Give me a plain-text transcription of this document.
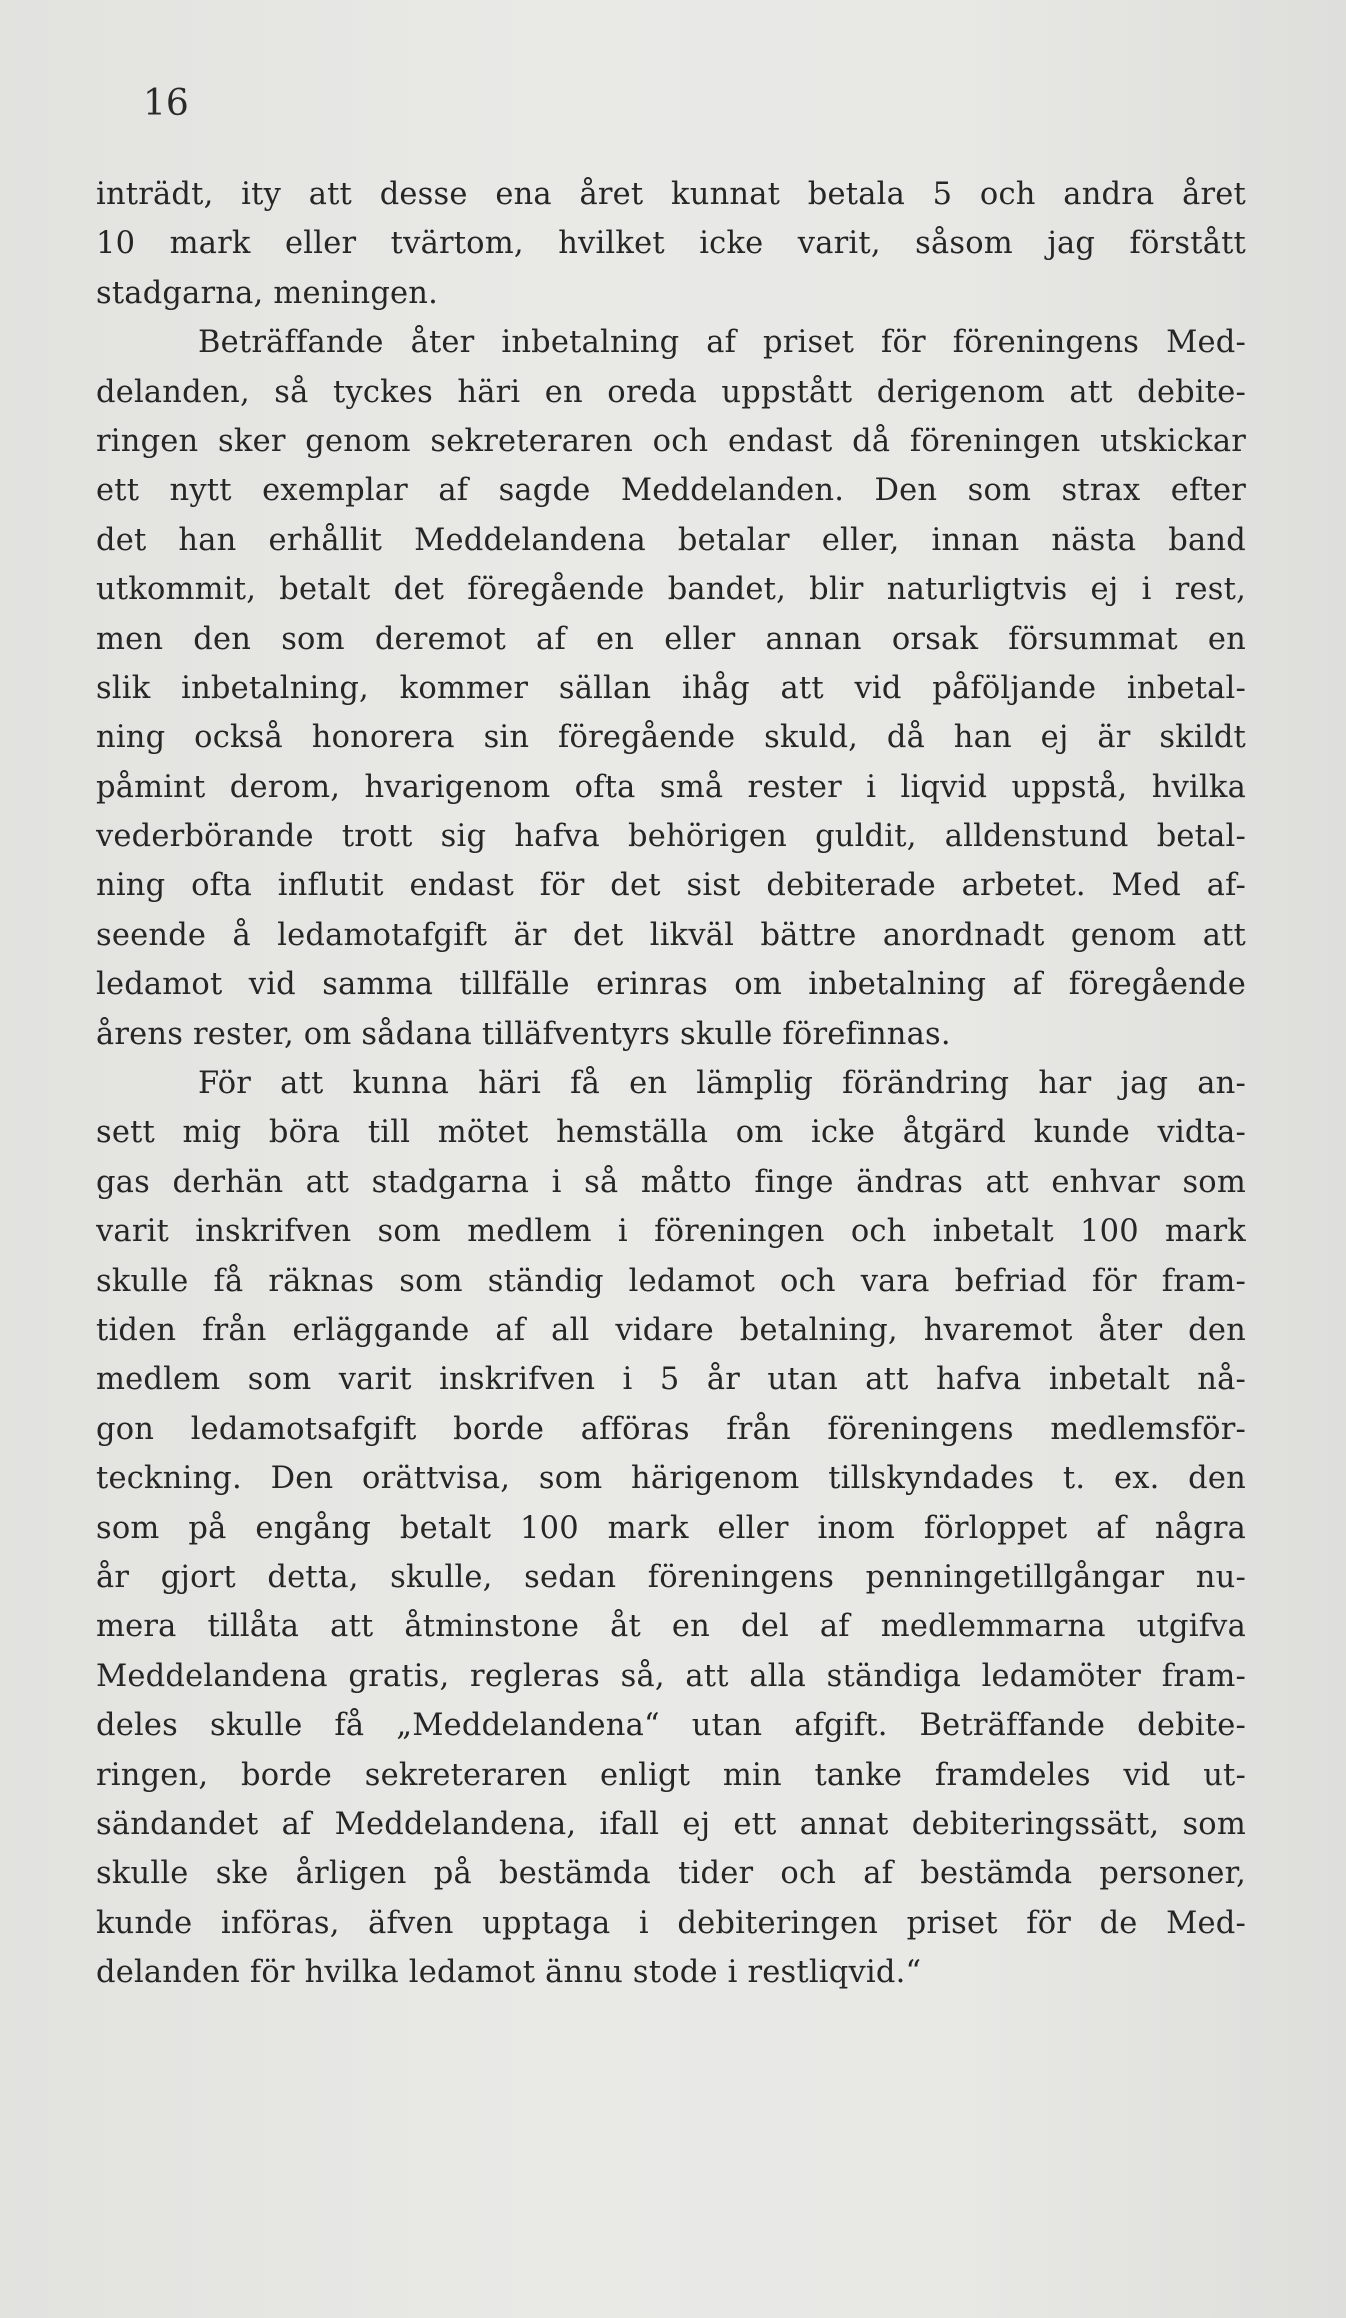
16
inträdt, ity att desse ena året kunnat betala 5 och andra året
10 mark eller tvärtom, hvilket icke varit, såsom jag förstått
stadgarna, meningen.
Beträffande åter inbetalning af priset för föreningens Med-
delanden, så tyckes häri en oreda uppstått derigenom att debite-
ringen sker genom sekreteraren och endast då föreningen utskickar
ett nytt exemplar af sagde Meddelanden. Den som strax efter
det han erhållit Meddelandena betalar eller, innan nästa band
utkommit, betalt det föregående bandet, blir naturligtvis ej i rest,
men den som deremot af en eller annan orsak försummat en
slik inbetalning, kommer sällan ihåg att vid påföljande inbetal-
ning också honorera sin föregående skuld, då han ej är skildt
påmint derom, hvarigenom ofta små rester i liqvid uppstå, hvilka
vederbörande trott sig hafva behörigen guldit, alldenstund betal-
ning ofta influtit endast för det sist debiterade arbetet. Med af-
seende å ledamotafgift är det likväl bättre anordnadt genom att
ledamot vid samma tillfälle erinras om inbetalning af föregående
årens rester, om sådana tilläfventyrs skulle förefinnas.
För att kunna häri få en lämplig förändring har jag an-
sett mig böra till mötet hemställa om icke åtgärd kunde vidta-
gas derhän att stadgarna i så måtto finge ändras att enhvar som
varit inskrifven som medlem i föreningen och inbetalt 100 mark
skulle få räknas som ständig ledamot och vara befriad för fram-
tiden från erläggande af all vidare betalning, hvaremot åter den
medlem som varit inskrifven i 5 år utan att hafva inbetalt nå-
gon ledamotsafgift borde afföras från föreningens medlemsför-
teckning. Den orättvisa, som härigenom tillskyndades t. ex. den
som på engång betalt 100 mark eller inom förloppet af några
år gjort detta, skulle, sedan föreningens penningetillgångar nu-
mera tillåta att åtminstone åt en del af medlemmarna utgifva
Meddelandena gratis, regleras så, att alla ständiga ledamöter fram-
deles skulle få „Meddelandena“ utan afgift. Beträffande debite-
ringen, borde sekreteraren enligt min tanke framdeles vid ut-
sändandet af Meddelandena, ifall ej ett annat debiteringssätt, som
skulle ske årligen på bestämda tider och af bestämda personer,
kunde införas, äfven upptaga i debiteringen priset för de Med-
delanden för hvilka ledamot ännu stode i restliqvid.“
